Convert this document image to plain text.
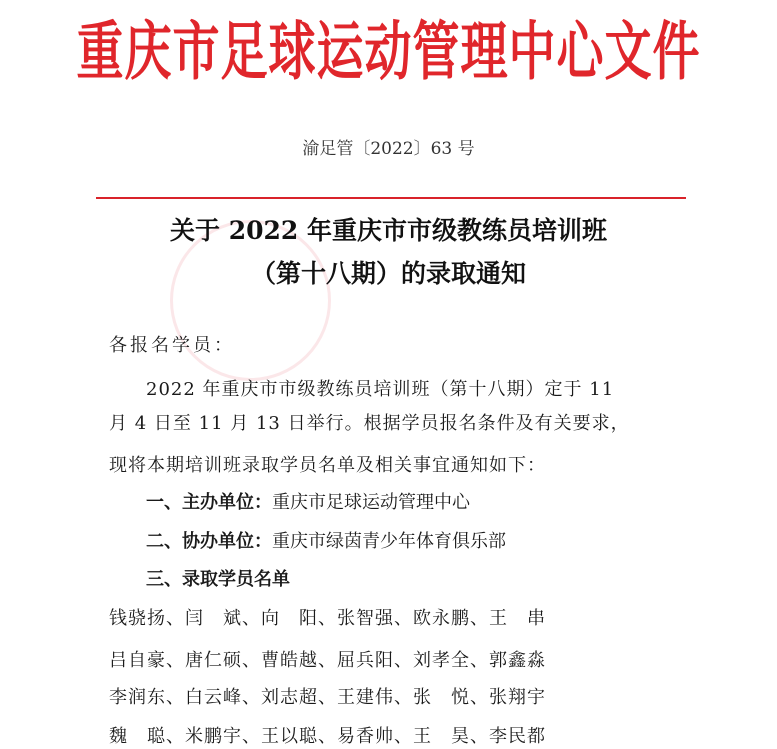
重庆市足球运动管理中心文件
渝足管〔2022〕63 号
关于 2022 年重庆市市级教练员培训班
（第十八期）的录取通知
各报名学员：
2022 年重庆市市级教练员培训班（第十八期）定于 11
月 4 日至 11 月 13 日举行。根据学员报名条件及有关要求，
现将本期培训班录取学员名单及相关事宜通知如下：
一、主办单位：重庆市足球运动管理中心
二、协办单位：重庆市绿茵青少年体育俱乐部
三、录取学员名单
钱骁扬、闫　斌、向　阳、张智强、欧永鹏、王　串
吕自豪、唐仁硕、曹皓越、屈兵阳、刘孝全、郭鑫淼
李润东、白云峰、刘志超、王建伟、张　悦、张翔宇
魏　聪、米鹏宇、王以聪、易香帅、王　昊、李民都
